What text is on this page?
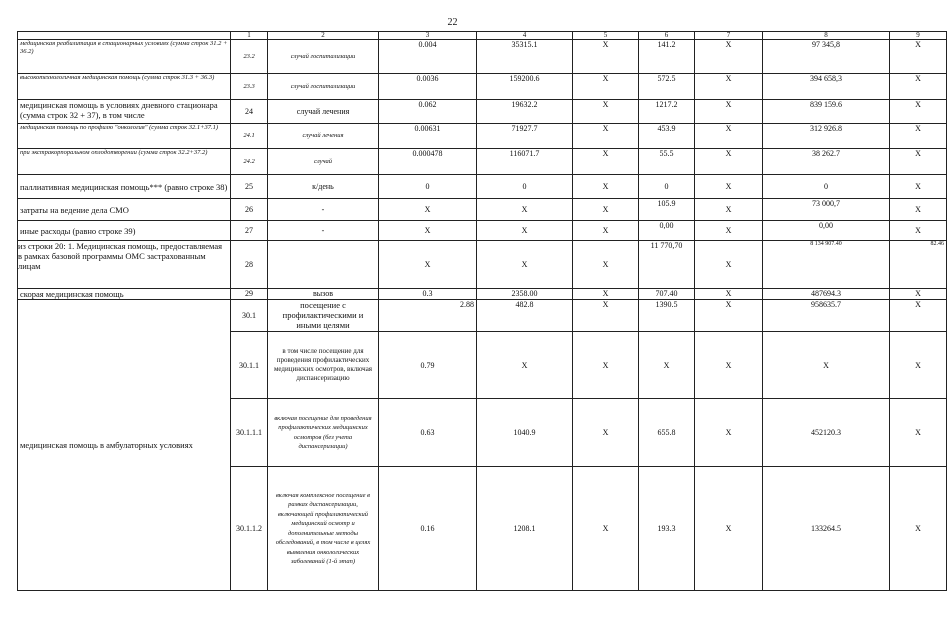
22
	1	2	3	4	5	6	7	8	9
медицинская реабилитация в стационарных условиях (сумма строк 31.2 + 36.2)	23.2	случай госпитализации	0.004	35315.1	X	141.2	X	97 345,8	X
высокотехнологичная медицинская помощь (сумма строк 31.3 + 36.3)	23.3	случай госпитализации	0.0036	159200.6	X	572.5	X	394 658,3	X
медицинская помощь в условиях дневного стационара (сумма строк 32 + 37), в том числе	24	случай лечения	0.062	19632.2	X	1217.2	X	839 159.6	X
медицинская помощь по профилю "онкология" (сумма строк 32.1+37.1)	24.1	случай лечения	0.00631	71927.7	X	453.9	X	312 926.8	X
при экстракорпоральном оплодотворении (сумма строк 32.2+37.2)	24.2	случай	0.000478	116071.7	X	55.5	X	38 262.7	X
паллиативная медицинская помощь*** (равно строке 38)	25	к/день	0	0	X	0	X	0	X
затраты на ведение дела СМО	26	-	X	X	X	105.9	X	73 000,7	X
иные расходы (равно строке 39)	27	-	X	X	X	0,00	X	0,00	X
из строки 20: 1. Медицинская помощь, предоставляемая в рамках базовой программы ОМС застрахованным лицам	28		X	X	X	11 770,70	X	8 134 907.40	82.46
скорая медицинская помощь	29	вызов	0.3	2358.00	X	707.40	X	487694.3	X
медицинская помощь в амбулаторных условиях	30.1	посещение с профилактическими и иными целями	2.88	482.8	X	1390.5	X	958635.7	X
	30.1.1	в том числе посещение для проведения профилактических медицинских осмотров, включая диспансеризацию	0.79	X	X	X	X	X	X
	30.1.1.1	включая посещение для проведения профилактических медицинских осмотров (без учета диспансеризации)	0.63	1040.9	X	655.8	X	452120.3	X
	30.1.1.2	включая комплексное посещение в рамках диспансеризации, включающей профилактический медицинский осмотр и дополнительные методы обследований, в том числе в целях выявления онкологических заболеваний (1-й этап)	0.16	1208.1	X	193.3	X	133264.5	X
